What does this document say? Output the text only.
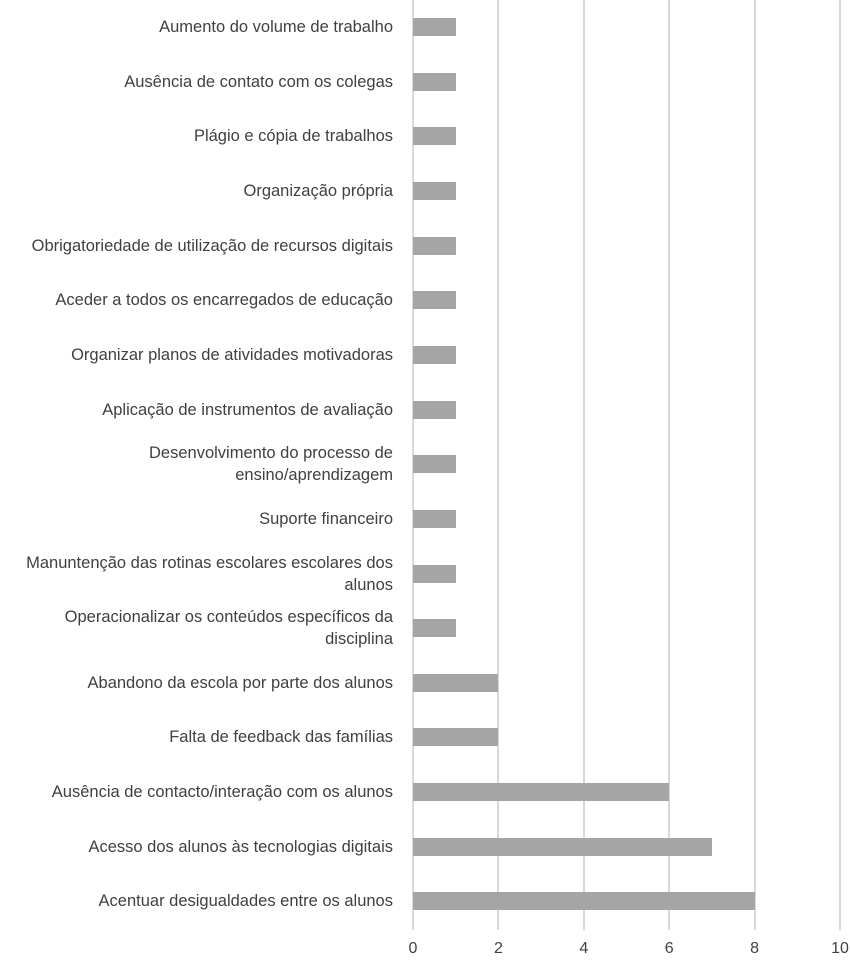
0	2	4	6	8	10
Aumento do volume de trabalho
Ausência de contato com os colegas
Plágio e cópia de trabalhos
Organização própria
Obrigatoriedade de utilização de recursos digitais
Aceder a todos os encarregados de educação
Organizar planos de atividades motivadoras
Aplicação de instrumentos de avaliação
Desenvolvimento do processo de ensino/aprendizagem
Suporte financeiro
Manuntenção das rotinas escolares escolares dos alunos
Operacionalizar os conteúdos específicos da disciplina
Abandono da escola por parte dos alunos
Falta de feedback das famílias
Ausência de contacto/interação com os alunos
Acesso dos alunos às tecnologias digitais
Acentuar desigualdades entre os alunos
